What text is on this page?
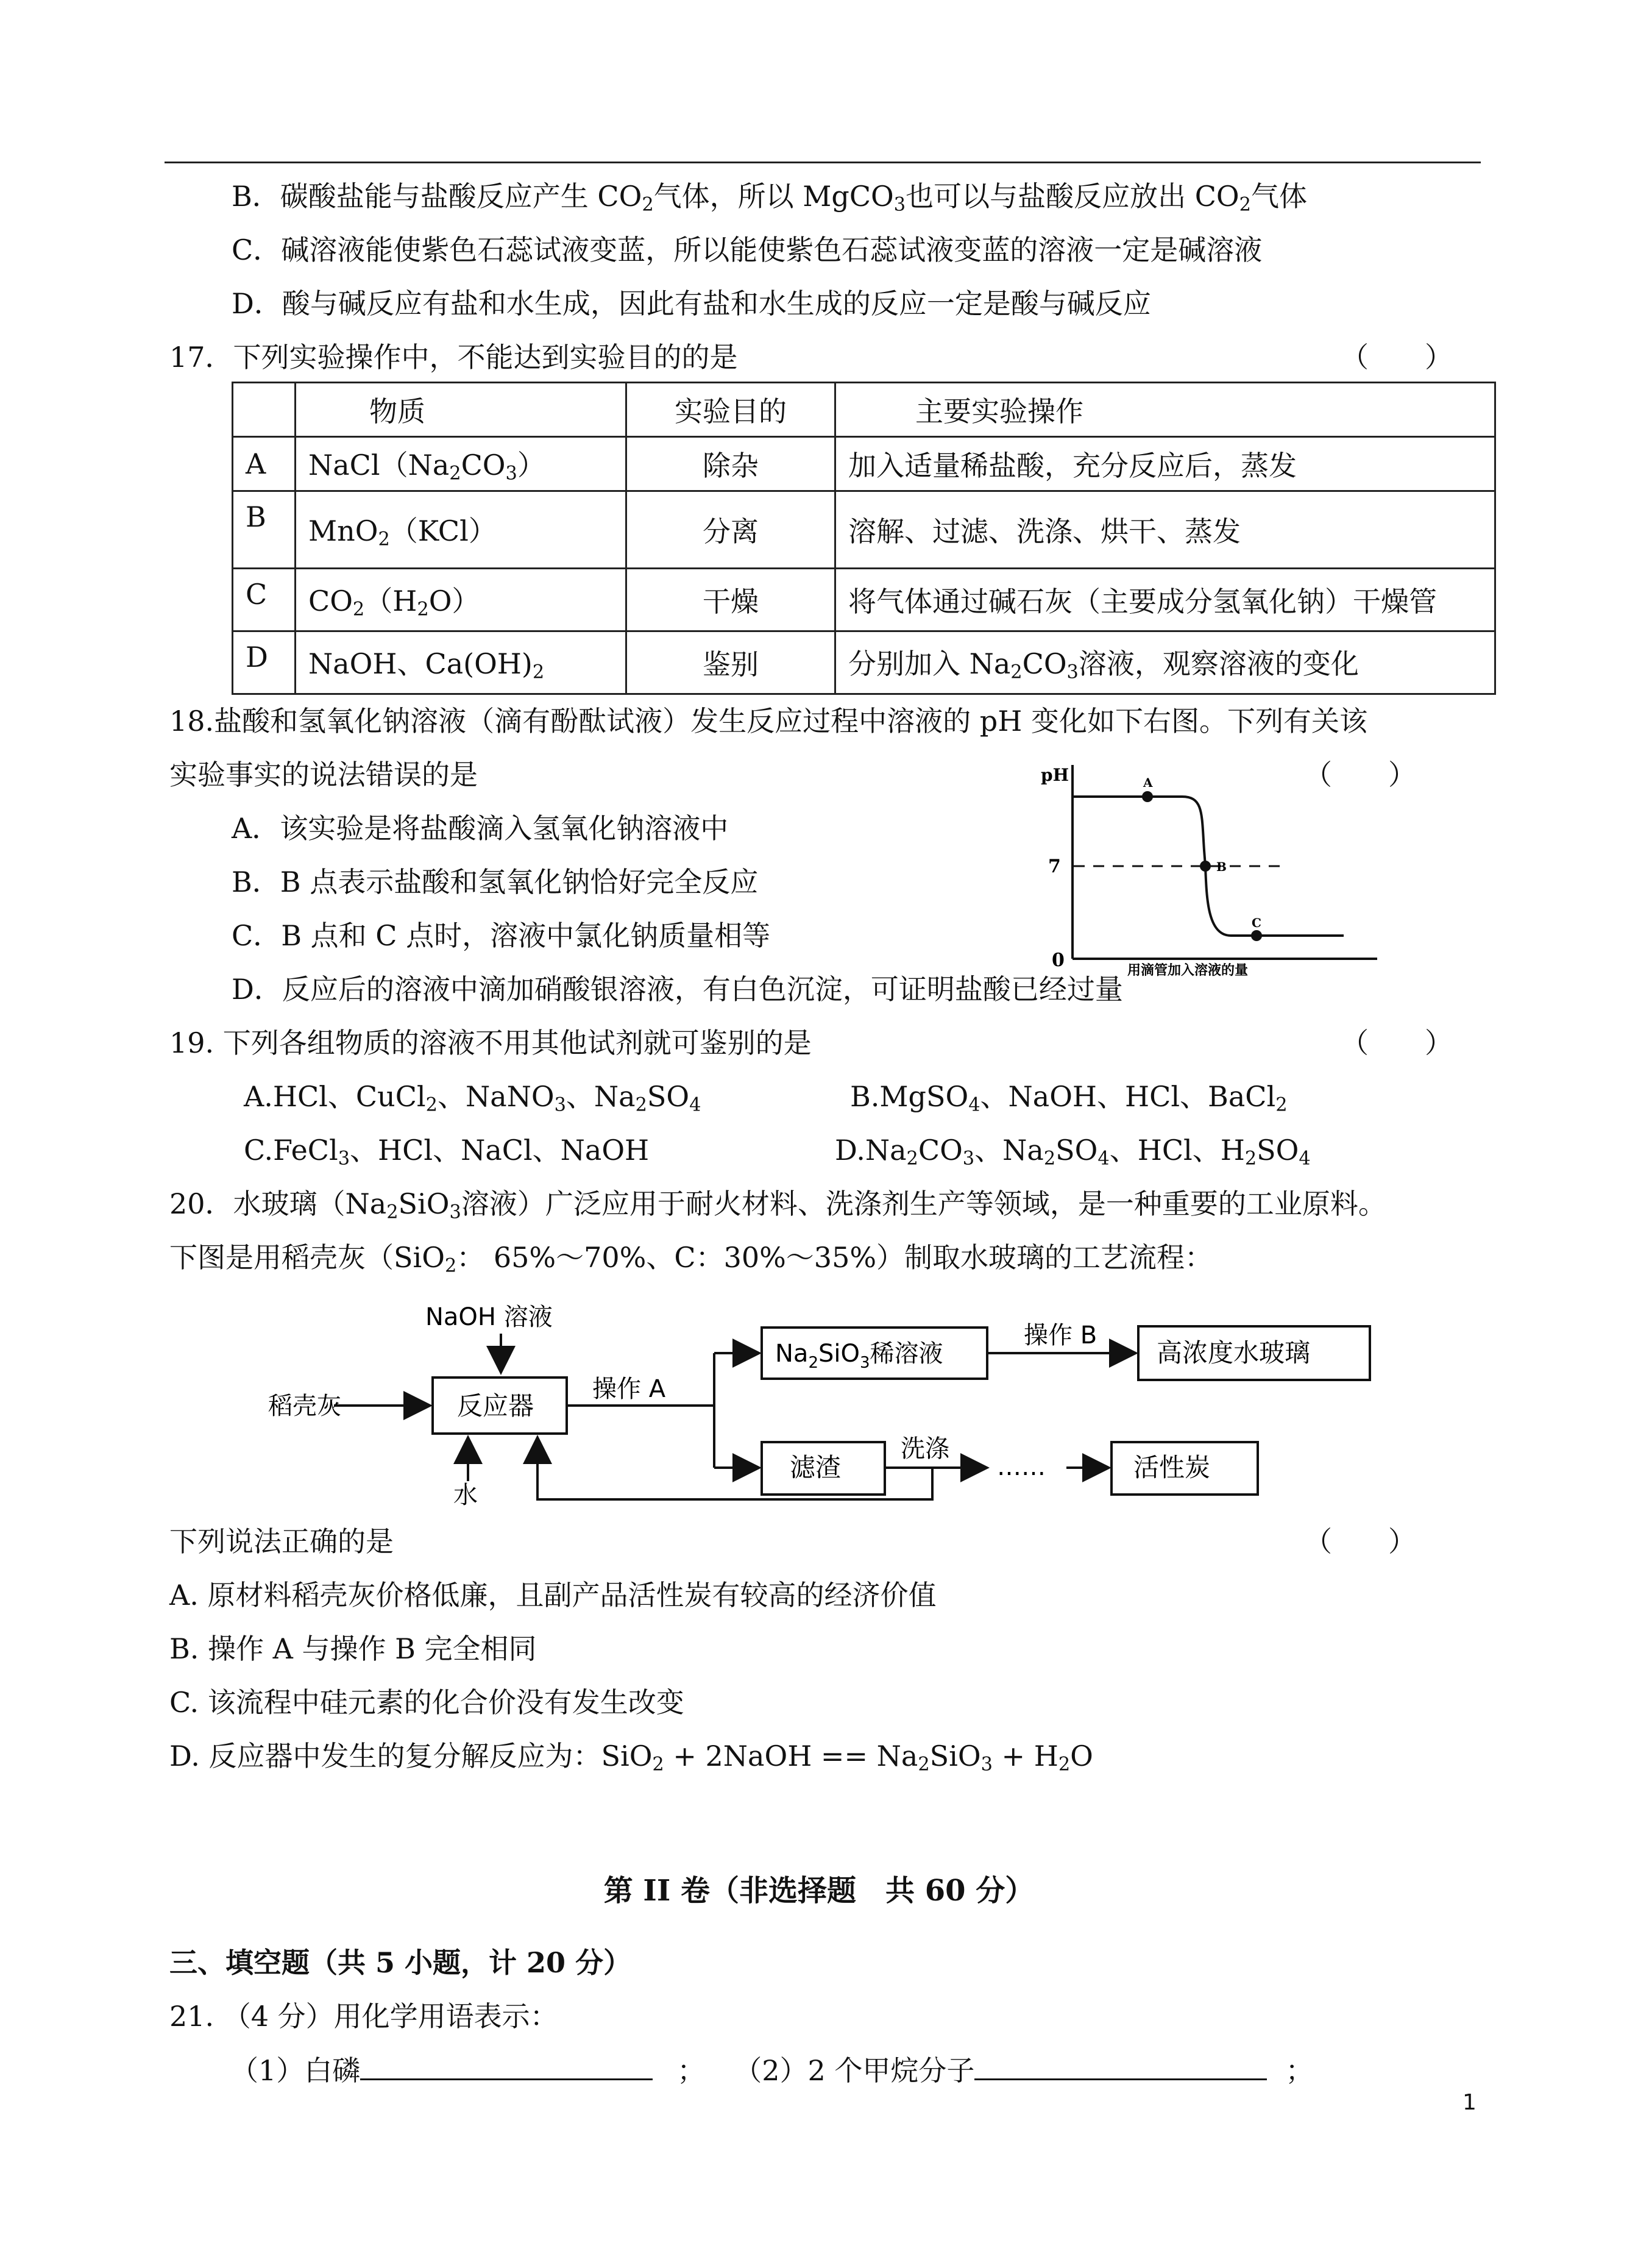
B．碳酸盐能与盐酸反应产生 $CO_2$气体，所以 MgCO$_3$也可以与盐酸反应放出 $CO_2$气体
C．碱溶液能使紫色石蕊试液变蓝，所以能使紫色石蕊试液变蓝的溶液一定是碱溶液
D．酸与碱反应有盐和水生成，因此有盐和水生成的反应一定是酸与碱反应
17．下列实验操作中，不能达到实验目的的是	（　　）
	物质	实验目的	主要实验操作
A	$NaCl(Na_2CO_3)$	除杂	加入适量稀盐酸，充分反应后，蒸发
B	MnO$_2$（KCl）	分离	溶解、过滤、洗涤、烘干、蒸发
C	$CO_2(H_2O)$	干燥	将气体通过碱石灰（主要成分氢氧化钠）干燥管
D	NaOH、$Ca(OH)_2$	鉴别	分别加入 $Na_2CO_3$溶液，观察溶液的变化
18.盐酸和氢氧化钠溶液（滴有酚酞试液）发生反应过程中溶液的 pH 变化如下右图。下列有关该
实验事实的说法错误的是	（　　）
A．该实验是将盐酸滴入氢氧化钠溶液中
B．B 点表示盐酸和氢氧化钠恰好完全反应
C．B 点和 C 点时，溶液中氯化钠质量相等
D．反应后的溶液中滴加硝酸银溶液，有白色沉淀，可证明盐酸已经过量
pH
7
0
A
B
C
用滴管加入溶液的量
19. 下列各组物质的溶液不用其他试剂就可鉴别的是	（　　）
A.HCl、CuCl$_2$、NaNO$_3$、$Na_2SO_4$	B.MgSO$_4$、NaOH、HCl、BaCl$_2$
C.FeCl$_3$、HCl、NaCl、NaOH	$D.Na_2CO_3$、$Na_2SO_4$、HCl、$H_2SO_4$
20．水玻璃（$Na_2SiO_3$溶液）广泛应用于耐火材料、洗涤剂生产等领域，是一种重要的工业原料。
下图是用稻壳灰（SiO$_2$： 65%～70%、C：30%～35%）制取水玻璃的工艺流程：
NaOH 溶液
稻壳灰	反应器
水
操作 A
$Na_2SiO_3$稀溶液
操作 B
高浓度水玻璃
滤渣
洗涤
……	活性炭
下列说法正确的是	（　　）
A. 原材料稻壳灰价格低廉，且副产品活性炭有较高的经济价值
B. 操作 A 与操作 B 完全相同
C. 该流程中硅元素的化合价没有发生改变
D. 反应器中发生的复分解反应为：SiO$_2$ + 2NaOH == $Na_2SiO_3 + H_2O$
第 II 卷（非选择题　共 60 分）
三、填空题（共 5 小题，计 20 分）
21. （4 分）用化学用语表示：
（1）白磷	； （2）2 个甲烷分子	；
1
